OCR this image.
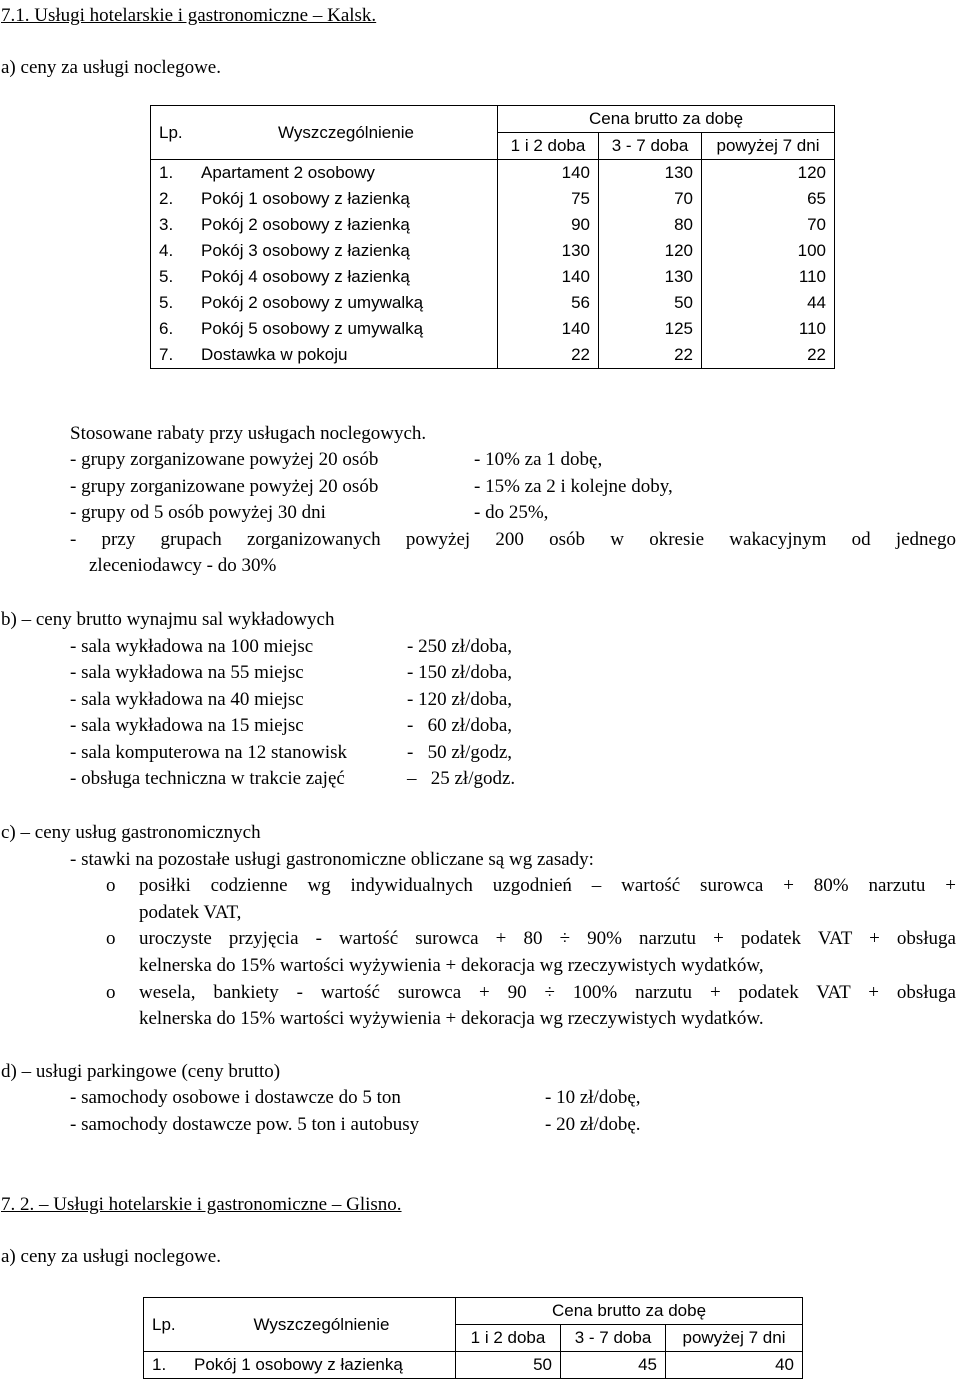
7.1. Usługi hotelarskie i gastronomiczne – Kalsk.
a) ceny za usługi noclegowe.
Lp.	Wyszczególnienie	Cena brutto za dobę		
		1 i 2 doba	3 - 7 doba	powyżej 7 dni
1.	Apartament 2 osobowy	140	130	120
2.	Pokój 1 osobowy z łazienką	75	70	65
3.	Pokój 2 osobowy z łazienką	90	80	70
4.	Pokój 3 osobowy z łazienką	130	120	100
5.	Pokój 4 osobowy z łazienką	140	130	110
5.	Pokój 2 osobowy z umywalką	56	50	44
6.	Pokój 5 osobowy z umywalką	140	125	110
7.	Dostawka w pokoju	22	22	22
Stosowane rabaty przy usługach noclegowych.
- grupy zorganizowane powyżej 20 osób	- 10% za 1 dobę,
- grupy zorganizowane powyżej 20 osób	- 15% za 2 i kolejne doby,
- grupy od 5 osób powyżej 30 dni	- do 25%,
- przy grupach zorganizowanych powyżej 200 osób w okresie wakacyjnym od jednego
zleceniodawcy - do 30%
b) – ceny brutto wynajmu sal wykładowych
- sala wykładowa na 100 miejsc	- 250 zł/doba,
- sala wykładowa na 55 miejsc	- 150 zł/doba,
- sala wykładowa na 40 miejsc	- 120 zł/doba,
- sala wykładowa na 15 miejsc	-   60 zł/doba,
- sala komputerowa na 12 stanowisk	-   50 zł/godz,
- obsługa techniczna w trakcie zajęć	–   25 zł/godz.
c) – ceny usług gastronomicznych
- stawki na pozostałe usługi gastronomiczne obliczane są wg zasady:
o posiłki codzienne wg indywidualnych uzgodnień – wartość surowca + 80% narzutu +
podatek VAT,
o uroczyste przyjęcia - wartość surowca + 80 ÷ 90% narzutu + podatek VAT + obsługa
kelnerska do 15% wartości wyżywienia + dekoracja wg rzeczywistych wydatków,
o wesela, bankiety - wartość surowca + 90 ÷ 100% narzutu + podatek VAT + obsługa
kelnerska do 15% wartości wyżywienia + dekoracja wg rzeczywistych wydatków.
d) – usługi parkingowe (ceny brutto)
- samochody osobowe i dostawcze do 5 ton	- 10 zł/dobę,
- samochody dostawcze pow. 5 ton i autobusy	- 20 zł/dobę.
7. 2. – Usługi hotelarskie i gastronomiczne – Glisno.
a) ceny za usługi noclegowe.
Lp.	Wyszczególnienie	Cena brutto za dobę		
		1 i 2 doba	3 - 7 doba	powyżej 7 dni
1.	Pokój 1 osobowy z łazienką	50	45	40
